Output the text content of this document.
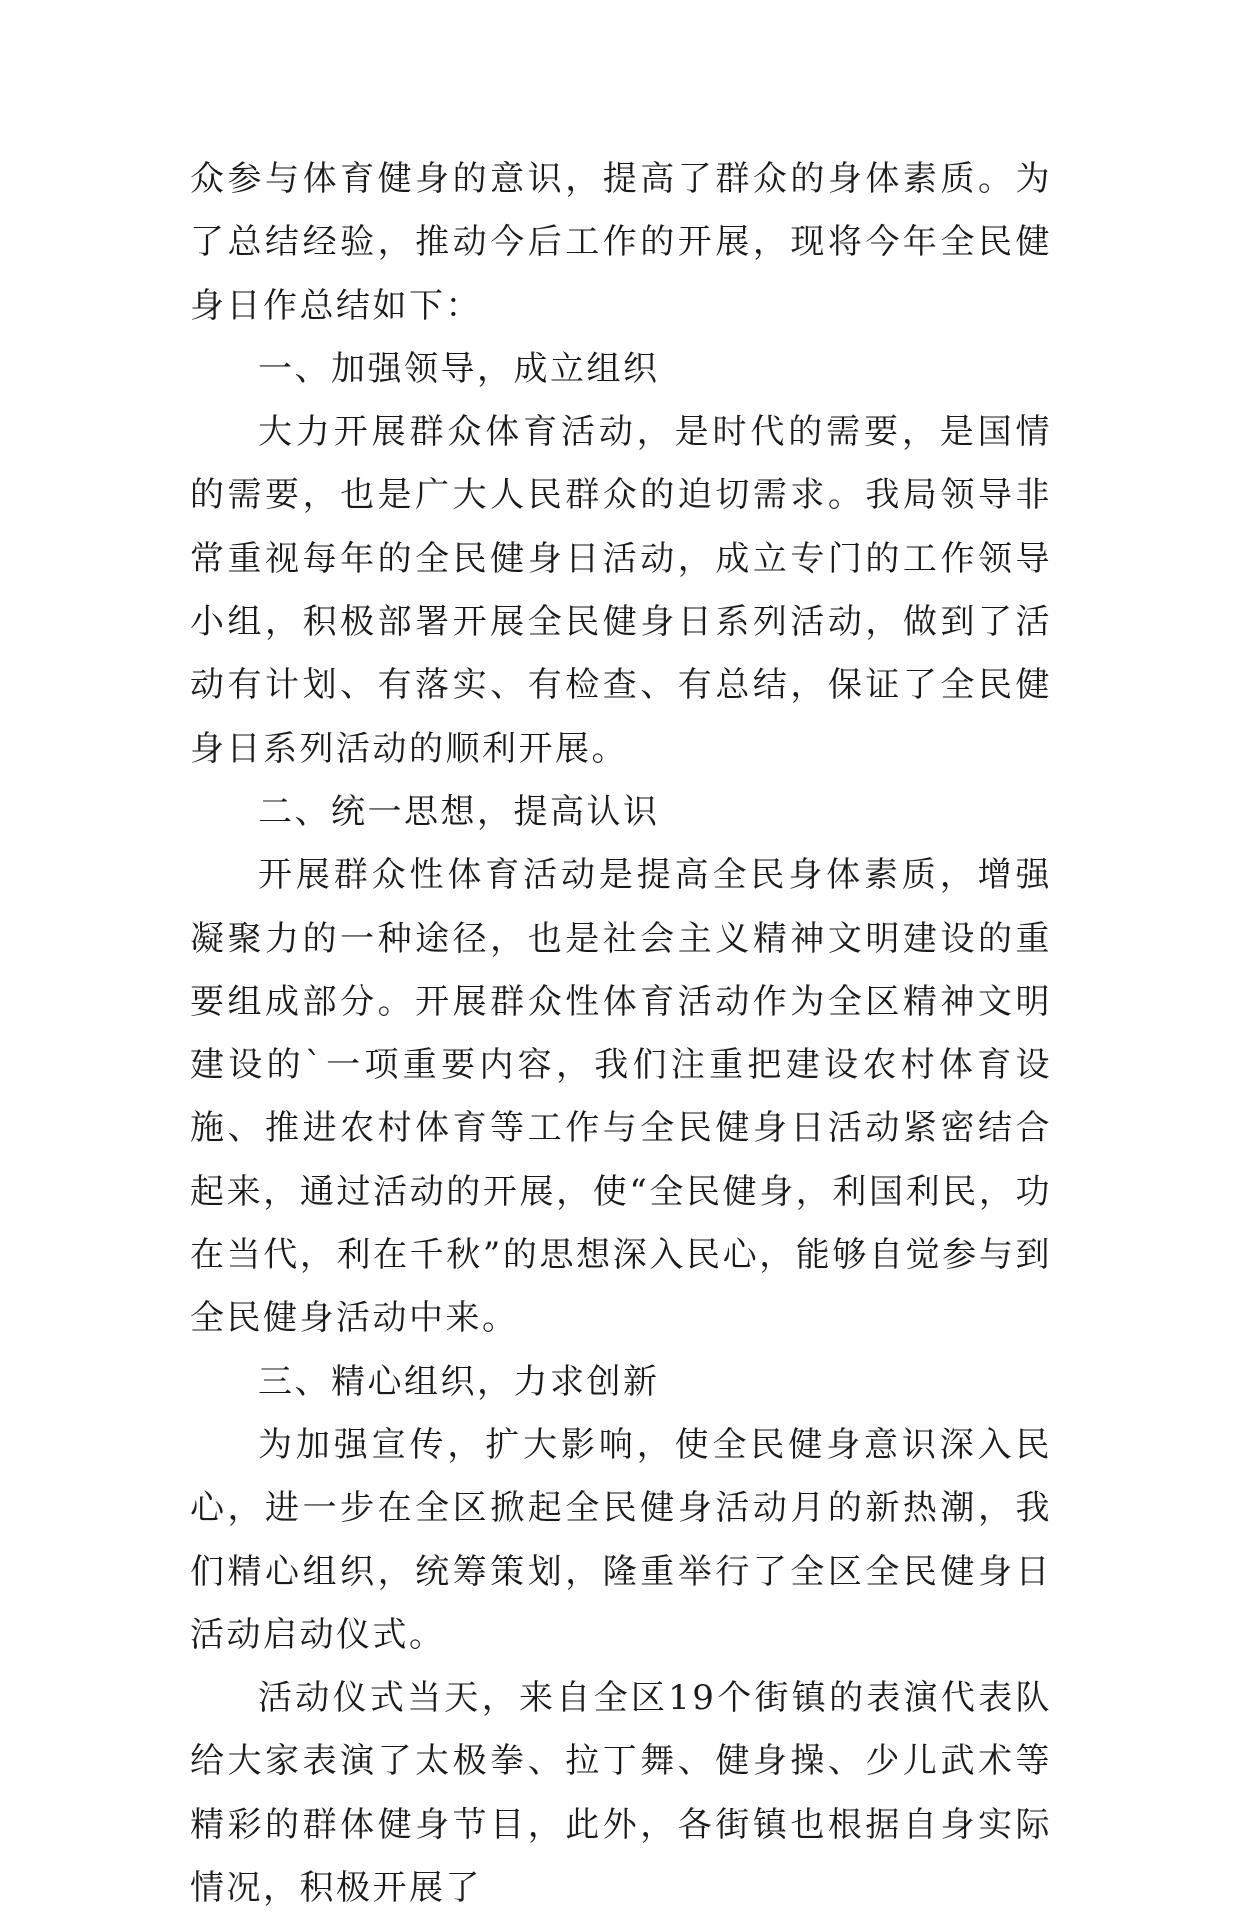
众参与体育健身的意识，提高了群众的身体素质。为了总结经验，推动今后工作的开展，现将今年全民健身日作总结如下：

一、加强领导，成立组织

大力开展群众体育活动，是时代的需要，是国情的需要，也是广大人民群众的迫切需求。我局领导非常重视每年的全民健身日活动，成立专门的工作领导小组，积极部署开展全民健身日系列活动，做到了活动有计划、有落实、有检查、有总结，保证了全民健身日系列活动的顺利开展。

二、统一思想，提高认识

开展群众性体育活动是提高全民身体素质，增强凝聚力的一种途径，也是社会主义精神文明建设的重要组成部分。开展群众性体育活动作为全区精神文明建设的`一项重要内容，我们注重把建设农村体育设施、推进农村体育等工作与全民健身日活动紧密结合起来，通过活动的开展，使“全民健身，利国利民，功在当代，利在千秋”的思想深入民心，能够自觉参与到全民健身活动中来。

三、精心组织，力求创新

为加强宣传，扩大影响，使全民健身意识深入民心，进一步在全区掀起全民健身活动月的新热潮，我们精心组织，统筹策划，隆重举行了全区全民健身日活动启动仪式。

活动仪式当天，来自全区19个街镇的表演代表队给大家表演了太极拳、拉丁舞、健身操、少儿武术等精彩的群体健身节目，此外，各街镇也根据自身实际情况，积极开展了
